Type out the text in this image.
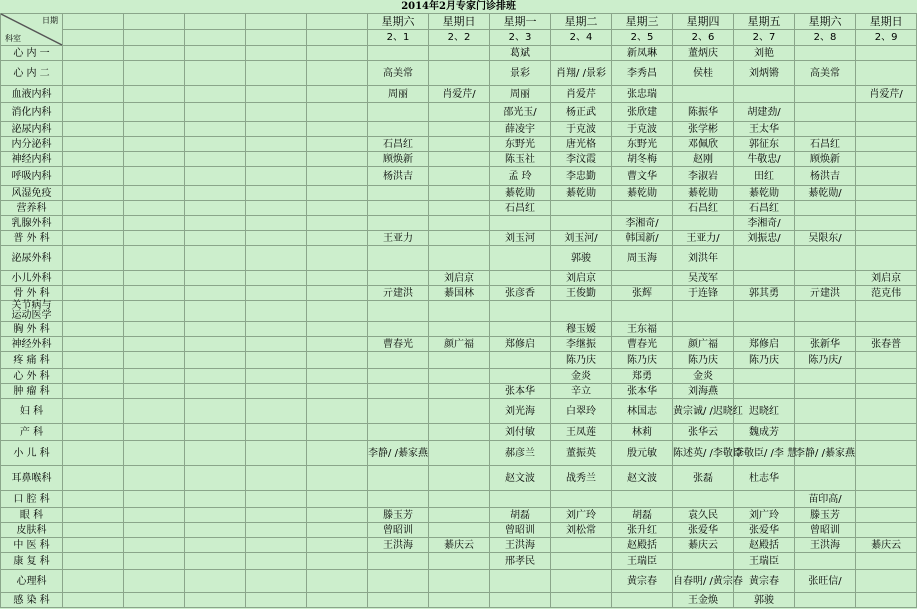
2014年2月专家门诊排班														

日期
科室						星期六	星期日	星期一	星期二	星期三	星期四	星期五	星期六	星期日
						2、1	2、2	2、3	2、4	2、5	2、6	2、7	2、8	2、9
心 内 一								葛斌		新凤琳	董炳庆	刘艳		
心 内 二						高美常		景彩	肖翔/ /景彩	李秀昌	侯桂	刘炳锵	高美常	
血液内科						周丽	肖爱芹/	周丽	肖爱芹	张忠瑞				肖爱芹/
消化内科								邵光玉/	杨正武	张欣建	陈振华	胡建劲/		
泌尿内科								薛凌宇	于克波	于克波	张学彬	王太华		
内分泌科						石昌红		东野光	唐光格	东野光	邓佩欣	郭征东	石昌红	
神经内科						顾焕新		陈玉社	李汶霞	胡冬梅	赵刚	牛敬忠/	顾焕新	
呼吸内科						杨洪吉		孟 玲	李忠勤	曹文华	李淑岩	田红	杨洪吉	
风湿免疫								綦乾勋	綦乾勋	綦乾勋	綦乾勋	綦乾勋	綦乾勋/	
营养科								石昌红			石昌红	石昌红		
乳腺外科										李湘奇/		李湘奇/		
普 外 科						王亚力		刘玉河	刘玉河/	韩国新/	王亚力/	刘振忠/	吴限东/	
泌尿外科									郭骏	周玉海	刘洪年			
小儿外科							刘启京		刘启京		吴茂军			刘启京
骨 外 科						亓建洪	綦国林	张彦香	王俊勤	张辉	于连锋	郭其勇	亓建洪	范克伟
关节病与
运动医学														
胸 外 科									穆玉嫒	王东福				
神经外科						曹春光	颜广福	郑修启	李继振	曹春光	颜广福	郑修启	张新华	张春普
疼 痛 科									陈乃庆	陈乃庆	陈乃庆	陈乃庆	陈乃庆/	
心 外 科									金炎	郑勇	金炎			
肿 瘤 科								张本华	辛立	张本华	刘海燕			
妇 科								刘光海	白翠玲	林国志	黄宗诚/ /迟晓红	迟晓红		
产 科								刘付敏	王凤莲	林莉	张华云	魏成芳		
小 儿 科						李静/ /綦家燕		郝彦兰	董振英	殷元敏	陈述英/ /李敬臣	李敬臣/ /李 慧	李静/ /綦家燕	
耳鼻喉科								赵文波	战秀兰	赵文波	张磊	杜志华		
口 腔 科													苗印高/	
眼 科						滕玉芳		胡磊	刘广玲	胡磊	袁久民	刘广玲	滕玉芳	
皮肤科						曾昭训		曾昭训	刘松常	张升红	张爱华	张爱华	曾昭训	
中 医 科						王洪海	綦庆云	王洪海		赵殿括	綦庆云	赵殿括	王洪海	綦庆云
康 复 科								邢孝民		王瑞臣		王瑞臣		
心理科										黄宗春	自春明/ /黄宗春	黄宗春	张旺信/	
感 染 科											王金焕	郭骏		
